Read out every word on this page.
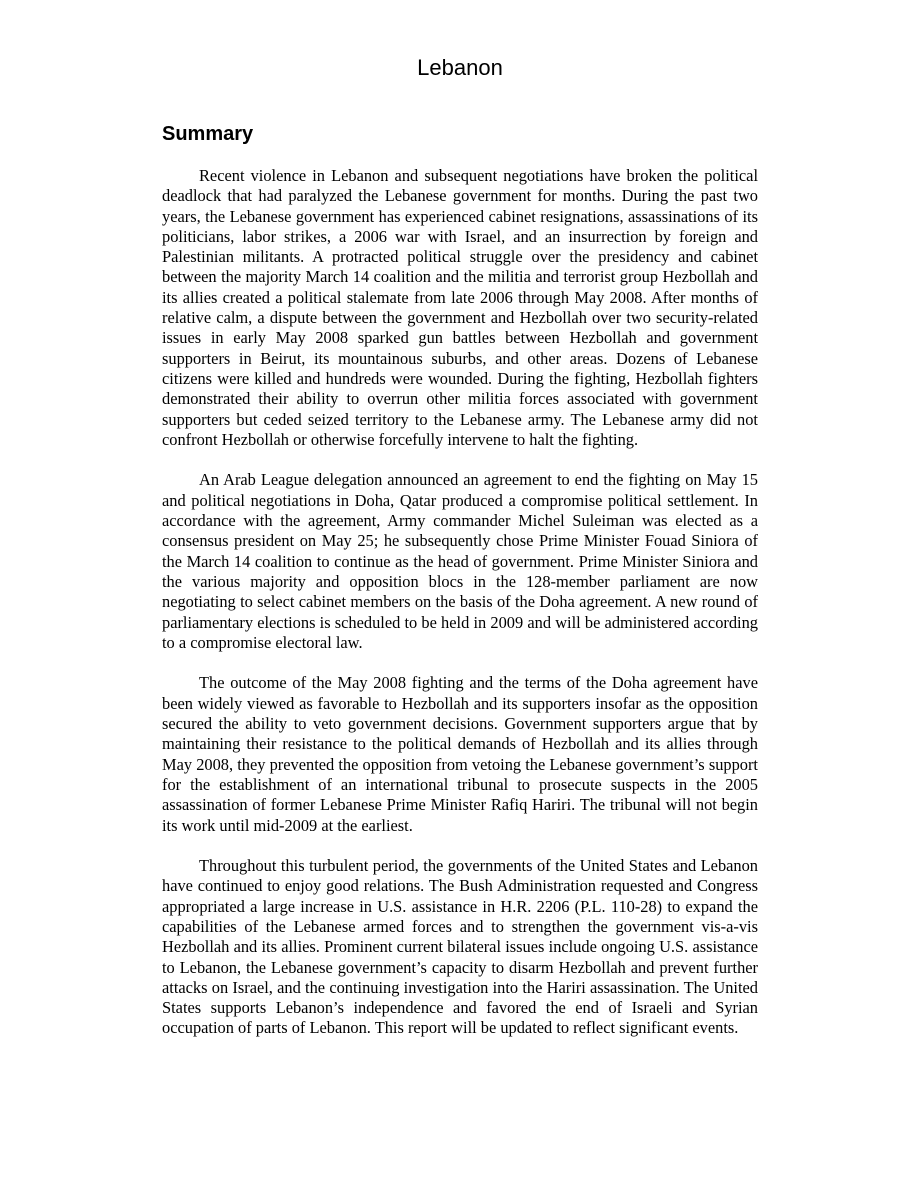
Lebanon
Summary

Recent violence in Lebanon and subsequent negotiations have broken the political deadlock that had paralyzed the Lebanese government for months. During the past two years, the Lebanese government has experienced cabinet resignations, assassinations of its politicians, labor strikes, a 2006 war with Israel, and an insurrection by foreign and Palestinian militants. A protracted political struggle over the presidency and cabinet between the majority March 14 coalition and the militia and terrorist group Hezbollah and its allies created a political stalemate from late 2006 through May 2008. After months of relative calm, a dispute between the government and Hezbollah over two security-related issues in early May 2008 sparked gun battles between Hezbollah and government supporters in Beirut, its mountainous suburbs, and other areas. Dozens of Lebanese citizens were killed and hundreds were wounded. During the fighting, Hezbollah fighters demonstrated their ability to overrun other militia forces associated with government supporters but ceded seized territory to the Lebanese army. The Lebanese army did not confront Hezbollah or otherwise forcefully intervene to halt the fighting.

An Arab League delegation announced an agreement to end the fighting on May 15 and political negotiations in Doha, Qatar produced a compromise political settlement. In accordance with the agreement, Army commander Michel Suleiman was elected as a consensus president on May 25; he subsequently chose Prime Minister Fouad Siniora of the March 14 coalition to continue as the head of government. Prime Minister Siniora and the various majority and opposition blocs in the 128-member parliament are now negotiating to select cabinet members on the basis of the Doha agreement. A new round of parliamentary elections is scheduled to be held in 2009 and will be administered according to a compromise electoral law.

The outcome of the May 2008 fighting and the terms of the Doha agreement have been widely viewed as favorable to Hezbollah and its supporters insofar as the opposition secured the ability to veto government decisions. Government supporters argue that by maintaining their resistance to the political demands of Hezbollah and its allies through May 2008, they prevented the opposition from vetoing the Lebanese government’s support for the establishment of an international tribunal to prosecute suspects in the 2005 assassination of former Lebanese Prime Minister Rafiq Hariri. The tribunal will not begin its work until mid-2009 at the earliest.

Throughout this turbulent period, the governments of the United States and Lebanon have continued to enjoy good relations. The Bush Administration requested and Congress appropriated a large increase in U.S. assistance in H.R. 2206 (P.L. 110-28) to expand the capabilities of the Lebanese armed forces and to strengthen the government vis-a-vis Hezbollah and its allies. Prominent current bilateral issues include ongoing U.S. assistance to Lebanon, the Lebanese government’s capacity to disarm Hezbollah and prevent further attacks on Israel, and the continuing investigation into the Hariri assassination. The United States supports Lebanon’s independence and favored the end of Israeli and Syrian occupation of parts of Lebanon. This report will be updated to reflect significant events.
